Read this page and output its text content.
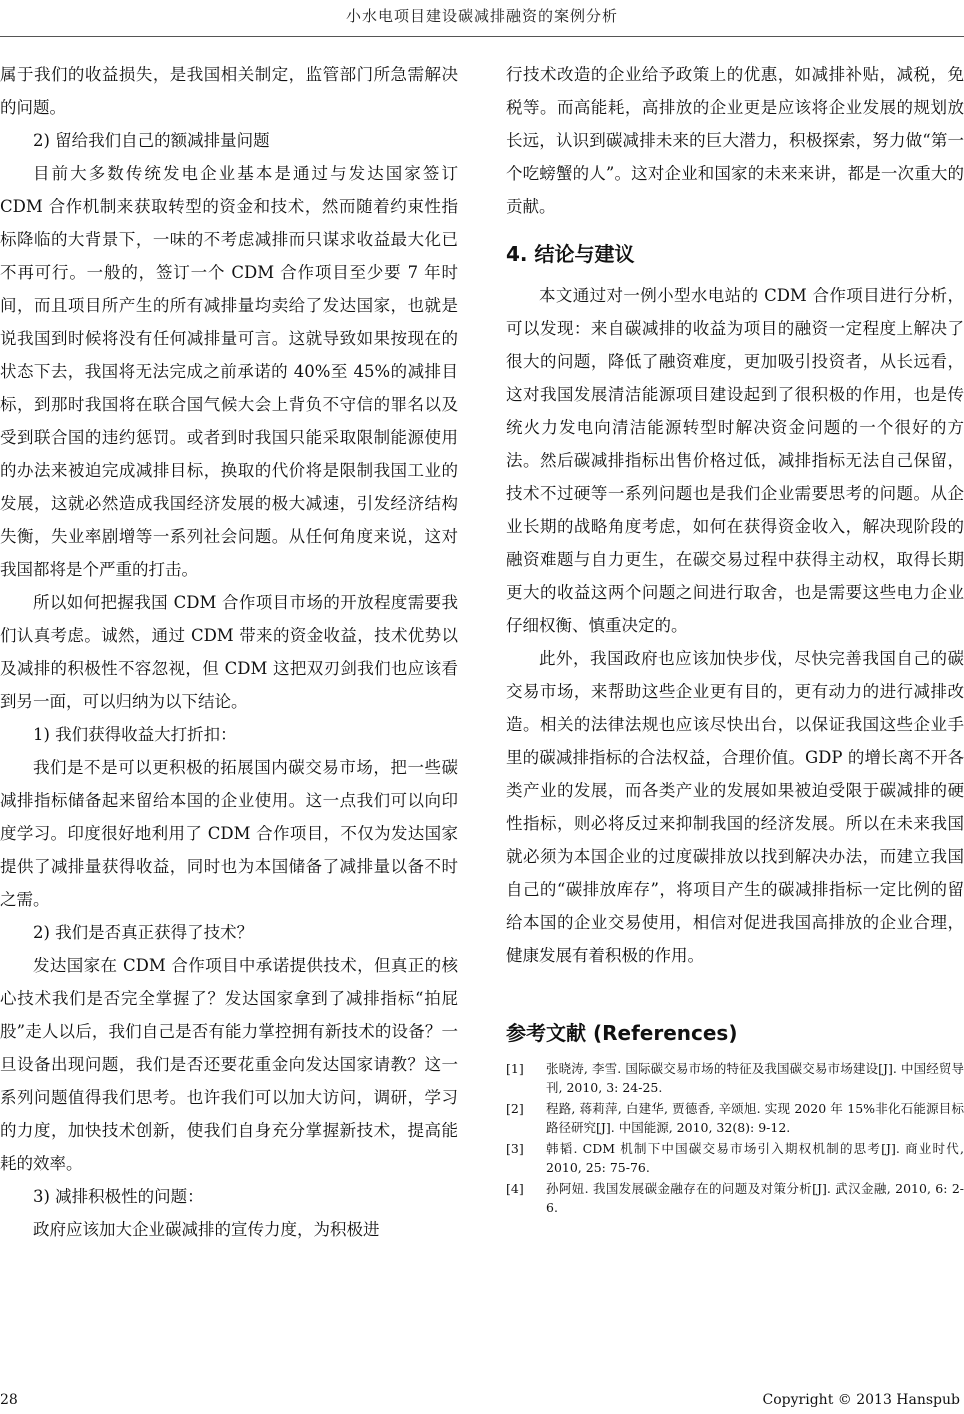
小水电项目建设碳减排融资的案例分析

属于我们的收益损失，是我国相关制定，监管部门所急需解决的问题。

2) 留给我们自己的额减排量问题

目前大多数传统发电企业基本是通过与发达国家签订 CDM 合作机制来获取转型的资金和技术，然而随着约束性指标降临的大背景下，一味的不考虑减排而只谋求收益最大化已不再可行。一般的，签订一个 CDM 合作项目至少要 7 年时间，而且项目所产生的所有减排量均卖给了发达国家，也就是说我国到时候将没有任何减排量可言。这就导致如果按现在的状态下去，我国将无法完成之前承诺的 40%至 45%的减排目标，到那时我国将在联合国气候大会上背负不守信的罪名以及受到联合国的违约惩罚。或者到时我国只能采取限制能源使用的办法来被迫完成减排目标，换取的代价将是限制我国工业的发展，这就必然造成我国经济发展的极大减速，引发经济结构失衡，失业率剧增等一系列社会问题。从任何角度来说，这对我国都将是个严重的打击。

所以如何把握我国 CDM 合作项目市场的开放程度需要我们认真考虑。诚然，通过 CDM 带来的资金收益，技术优势以及减排的积极性不容忽视，但 CDM 这把双刃剑我们也应该看到另一面，可以归纳为以下结论。

1) 我们获得收益大打折扣：

我们是不是可以更积极的拓展国内碳交易市场，把一些碳减排指标储备起来留给本国的企业使用。这一点我们可以向印度学习。印度很好地利用了 CDM 合作项目，不仅为发达国家提供了减排量获得收益，同时也为本国储备了减排量以备不时之需。

2) 我们是否真正获得了技术？

发达国家在 CDM 合作项目中承诺提供技术，但真正的核心技术我们是否完全掌握了？发达国家拿到了减排指标“拍屁股”走人以后，我们自己是否有能力掌控拥有新技术的设备？一旦设备出现问题，我们是否还要花重金向发达国家请教？这一系列问题值得我们思考。也许我们可以加大访问，调研，学习的力度，加快技术创新，使我们自身充分掌握新技术，提高能耗的效率。

3) 减排积极性的问题：

政府应该加大企业碳减排的宣传力度，为积极进

行技术改造的企业给予政策上的优惠，如减排补贴，减税，免税等。而高能耗，高排放的企业更是应该将企业发展的规划放长远，认识到碳减排未来的巨大潜力，积极探索，努力做“第一个吃螃蟹的人”。这对企业和国家的未来来讲，都是一次重大的贡献。

4. 结论与建议

本文通过对一例小型水电站的 CDM 合作项目进行分析，可以发现：来自碳减排的收益为项目的融资一定程度上解决了很大的问题，降低了融资难度，更加吸引投资者，从长远看，这对我国发展清洁能源项目建设起到了很积极的作用，也是传统火力发电向清洁能源转型时解决资金问题的一个很好的方法。然后碳减排指标出售价格过低，减排指标无法自己保留，技术不过硬等一系列问题也是我们企业需要思考的问题。从企业长期的战略角度考虑，如何在获得资金收入，解决现阶段的融资难题与自力更生，在碳交易过程中获得主动权，取得长期更大的收益这两个问题之间进行取舍，也是需要这些电力企业仔细权衡、慎重决定的。

此外，我国政府也应该加快步伐，尽快完善我国自己的碳交易市场，来帮助这些企业更有目的，更有动力的进行减排改造。相关的法律法规也应该尽快出台，以保证我国这些企业手里的碳减排指标的合法权益，合理价值。GDP 的增长离不开各类产业的发展，而各类产业的发展如果被迫受限于碳减排的硬性指标，则必将反过来抑制我国的经济发展。所以在未来我国就必须为本国企业的过度碳排放以找到解决办法，而建立我国自己的“碳排放库存”，将项目产生的碳减排指标一定比例的留给本国的企业交易使用，相信对促进我国高排放的企业合理，健康发展有着积极的作用。

参考文献 (References)
[1] 张晓涛, 李雪. 国际碳交易市场的特征及我国碳交易市场建设[J]. 中国经贸导刊, 2010, 3: 24-25.
[2] 程路, 蒋莉萍, 白建华, 贾德香, 辛颂旭. 实现 2020 年 15%非化石能源目标路径研究[J]. 中国能源, 2010, 32(8): 9-12.
[3] 韩韬. CDM 机制下中国碳交易市场引入期权机制的思考[J]. 商业时代, 2010, 25: 75-76.
[4] 孙阿妞. 我国发展碳金融存在的问题及对策分析[J]. 武汉金融, 2010, 6: 2-6.
28	Copyright © 2013 Hanspub
